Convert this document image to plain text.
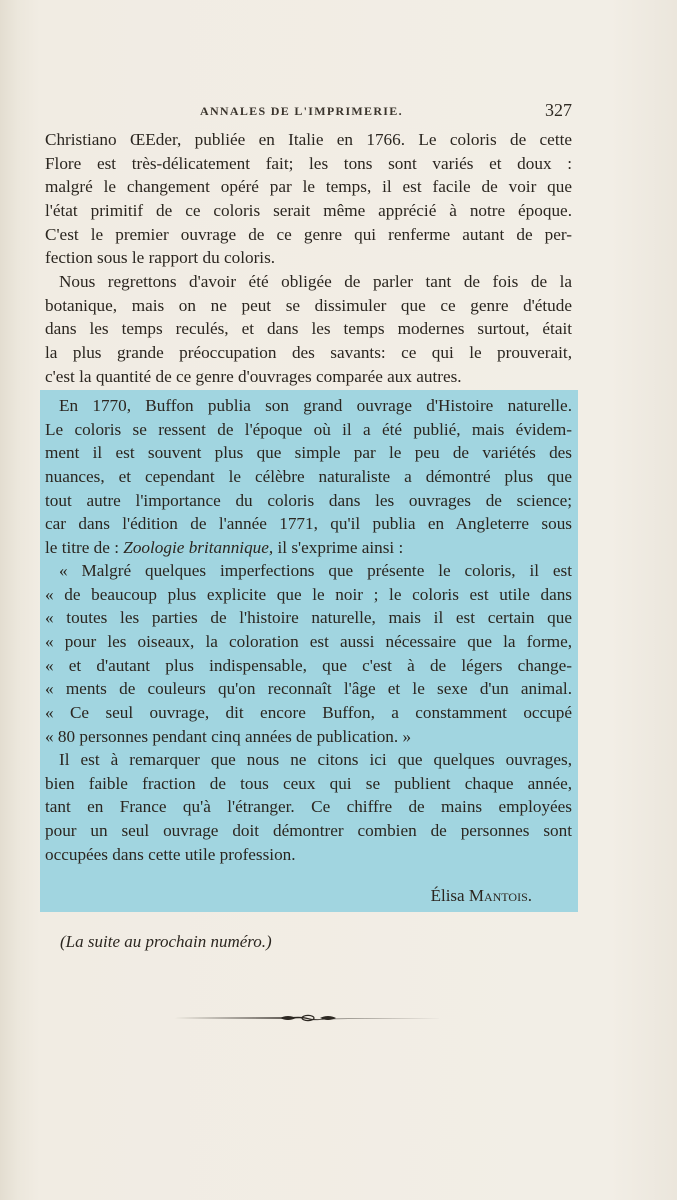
ANNALES DE L'IMPRIMERIE.	327
Christiano ŒEder, publiée en Italie en 1766. Le coloris de cette
Flore est très-délicatement fait; les tons sont variés et doux :
malgré le changement opéré par le temps, il est facile de voir que
l'état primitif de ce coloris serait même apprécié à notre époque.
C'est le premier ouvrage de ce genre qui renferme autant de per-
fection sous le rapport du coloris.
Nous regrettons d'avoir été obligée de parler tant de fois de la
botanique, mais on ne peut se dissimuler que ce genre d'étude
dans les temps reculés, et dans les temps modernes surtout, était
la plus grande préoccupation des savants: ce qui le prouverait,
c'est la quantité de ce genre d'ouvrages comparée aux autres.
En 1770, Buffon publia son grand ouvrage d'Histoire naturelle.
Le coloris se ressent de l'époque où il a été publié, mais évidem-
ment il est souvent plus que simple par le peu de variétés des
nuances, et cependant le célèbre naturaliste a démontré plus que
tout autre l'importance du coloris dans les ouvrages de science;
car dans l'édition de l'année 1771, qu'il publia en Angleterre sous
le titre de : Zoologie britannique, il s'exprime ainsi :
« Malgré quelques imperfections que présente le coloris, il est
« de beaucoup plus explicite que le noir ; le coloris est utile dans
« toutes les parties de l'histoire naturelle, mais il est certain que
« pour les oiseaux, la coloration est aussi nécessaire que la forme,
« et d'autant plus indispensable, que c'est à de légers change-
« ments de couleurs qu'on reconnaît l'âge et le sexe d'un animal.
« Ce seul ouvrage, dit encore Buffon, a constamment occupé
« 80 personnes pendant cinq années de publication. »
Il est à remarquer que nous ne citons ici que quelques ouvrages,
bien faible fraction de tous ceux qui se publient chaque année,
tant en France qu'à l'étranger. Ce chiffre de mains employées
pour un seul ouvrage doit démontrer combien de personnes sont
occupées dans cette utile profession.
Élisa Mantois.
(La suite au prochain numéro.)
